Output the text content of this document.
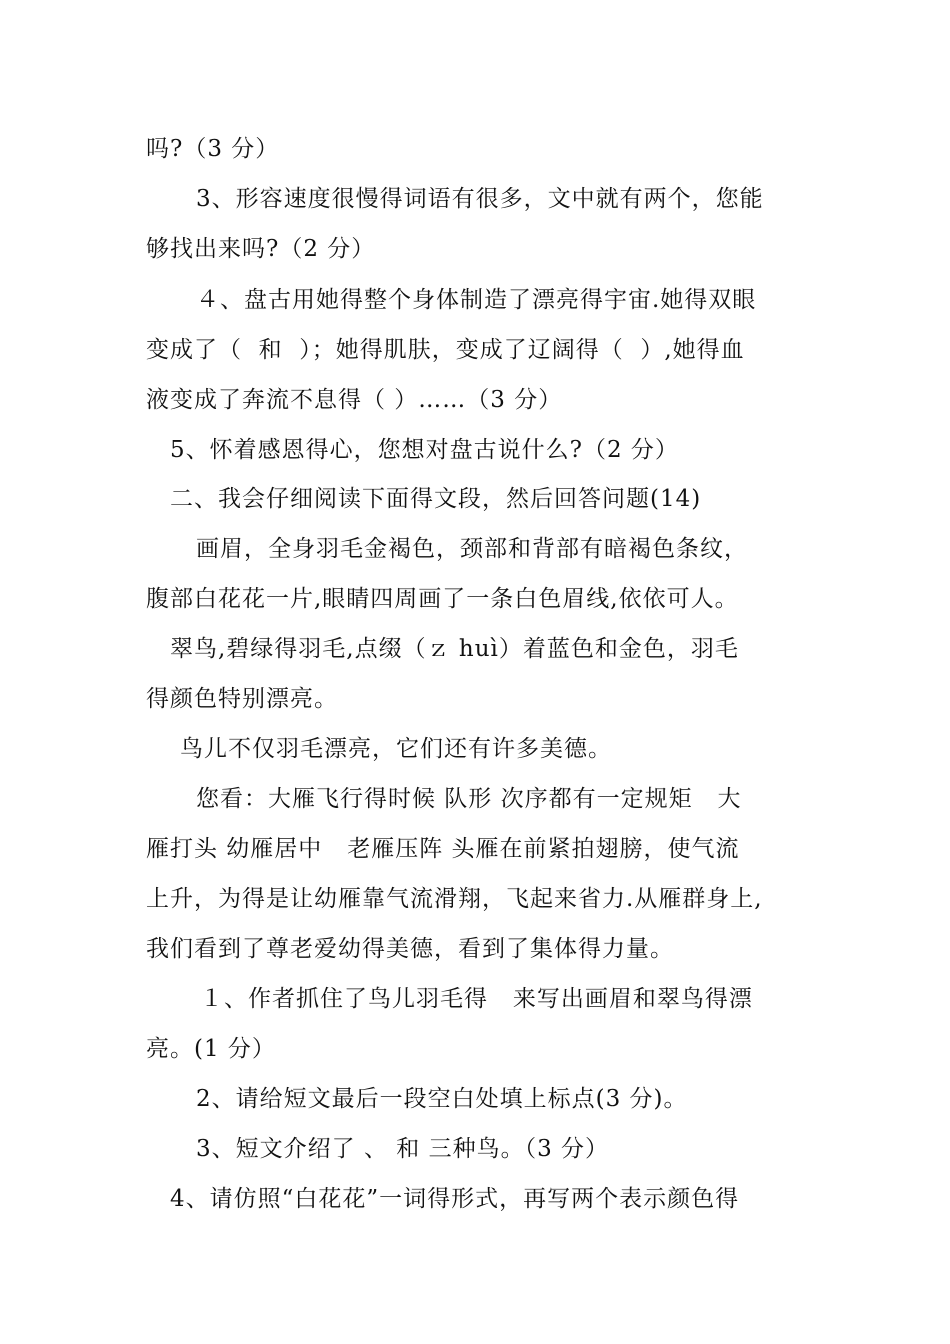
吗?（3 分）
3、形容速度很慢得词语有很多，文中就有两个，您能
够找出来吗?（2 分）
４、盘古用她得整个身体制造了漂亮得宇宙.她得双眼
变成了（  和  ）；她得肌肤，变成了辽阔得（  ）,她得血
液变成了奔流不息得（ ）……（3 分）
5、怀着感恩得心，您想对盘古说什么?（2 分）
二、我会仔细阅读下面得文段，然后回答问题(14)
画眉，全身羽毛金褐色，颈部和背部有暗褐色条纹，
腹部白花花一片,眼睛四周画了一条白色眉线,依依可人。
翠鸟,碧绿得羽毛,点缀（ｚ huì）着蓝色和金色，羽毛
得颜色特别漂亮。
鸟儿不仅羽毛漂亮，它们还有许多美德。
您看：大雁飞行得时候 队形 次序都有一定规矩   大
雁打头 幼雁居中   老雁压阵 头雁在前紧拍翅膀，使气流
上升，为得是让幼雁靠气流滑翔，飞起来省力.从雁群身上,
我们看到了尊老爱幼得美德，看到了集体得力量。
１、作者抓住了鸟儿羽毛得   来写出画眉和翠鸟得漂
亮。(1 分）
2、请给短文最后一段空白处填上标点(3 分)。
3、短文介绍了 、 和 三种鸟。（3 分）
4、请仿照“白花花”一词得形式，再写两个表示颜色得
